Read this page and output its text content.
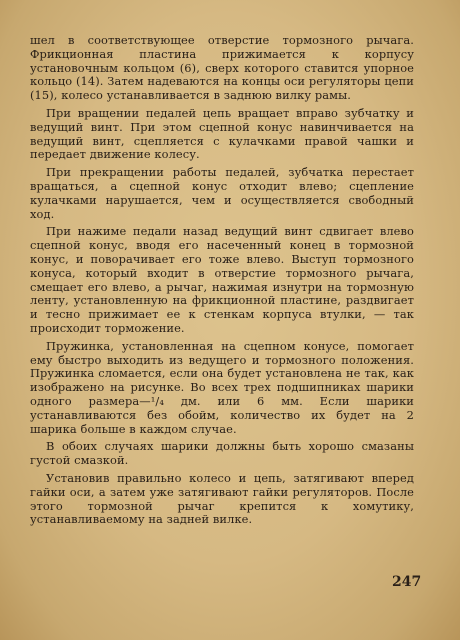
шел в соответствующее отверстие тормозного рычага. Фрикционная пластина прижимается к корпусу установочным кольцом (6), сверх которого ставится упорное кольцо (14). Затем надеваются на концы оси регуляторы цепи (15), колесо устанавливается в заднюю вилку рамы.

При вращении педалей цепь вращает вправо зубчатку и ведущий винт. При этом сцепной конус навинчивается на ведущий винт, сцепляется с кулачками правой чашки и передает движение колесу.

При прекращении работы педалей, зубчатка перестает вращаться, а сцепной конус отходит влево; сцепление кулачками нарушается, чем и осуществляется свободный ход.

При нажиме педали назад ведущий винт сдвигает влево сцепной конус, вводя его насеченный конец в тормозной конус, и поворачивает его тоже влево. Выступ тормозного конуса, который входит в отверстие тормозного рычага, смещает его влево, а рычаг, нажимая изнутри на тормозную ленту, установленную на фрикционной пластине, раздвигает и тесно прижимает ее к стенкам корпуса втулки, — так происходит торможение.

Пружинка, установленная на сцепном конусе, помогает ему быстро выходить из ведущего и тормозного положения. Пружинка сломается, если она будет установлена не так, как изображено на рисунке. Во всех трех подшипниках шарики одного размера—¹/₄ дм. или 6 мм. Если шарики устанавливаются без обойм, количество их будет на 2 шарика больше в каждом случае.

В обоих случаях шарики должны быть хорошо смазаны густой смазкой.

Установив правильно колесо и цепь, затягивают вперед гайки оси, а затем уже затягивают гайки регуляторов. После этого тормозной рычаг крепится к хомутику, устанавливаемому на задней вилке.

247
